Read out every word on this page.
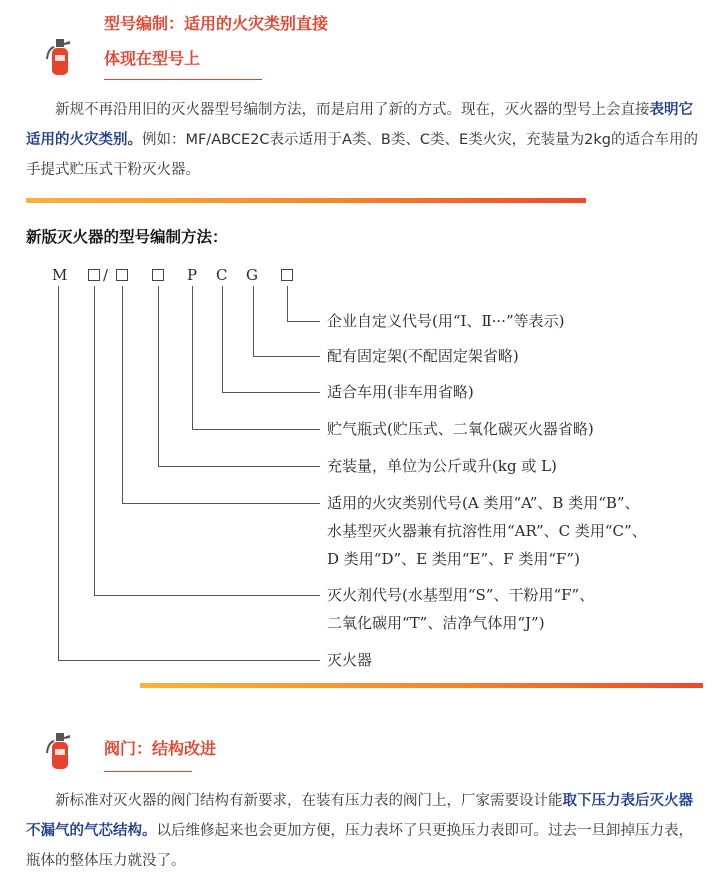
型号编制：适用的火灾类别直接
体现在型号上
新规不再沿用旧的灭火器型号编制方法，而是启用了新的方式。现在，灭火器的型号上会直接表明它适用的火灾类别。例如：MF/ABCE2C表示适用于A类、B类、C类、E类火灾，充装量为2kg的适合车用的手提式贮压式干粉灭火器。
新版灭火器的型号编制方法：
M /	P C G
企业自定义代号(用“Ⅰ、Ⅱ···”等表示)
配有固定架(不配固定架省略)
适合车用(非车用省略)
贮气瓶式(贮压式、二氧化碳灭火器省略)
充装量，单位为公斤或升(kg 或 L)
适用的火灾类别代号(A 类用“A”、B 类用“B”、
水基型灭火器兼有抗溶性用“AR”、C 类用“C”、
D 类用“D”、E 类用“E”、F 类用“F”)
灭火剂代号(水基型用“S”、干粉用“F”、
二氧化碳用“T”、洁净气体用“J”)
灭火器
阀门：结构改进
新标准对灭火器的阀门结构有新要求，在装有压力表的阀门上，厂家需要设计能取下压力表后灭火器不漏气的气芯结构。以后维修起来也会更加方便，压力表坏了只更换压力表即可。过去一旦卸掉压力表，瓶体的整体压力就没了。
